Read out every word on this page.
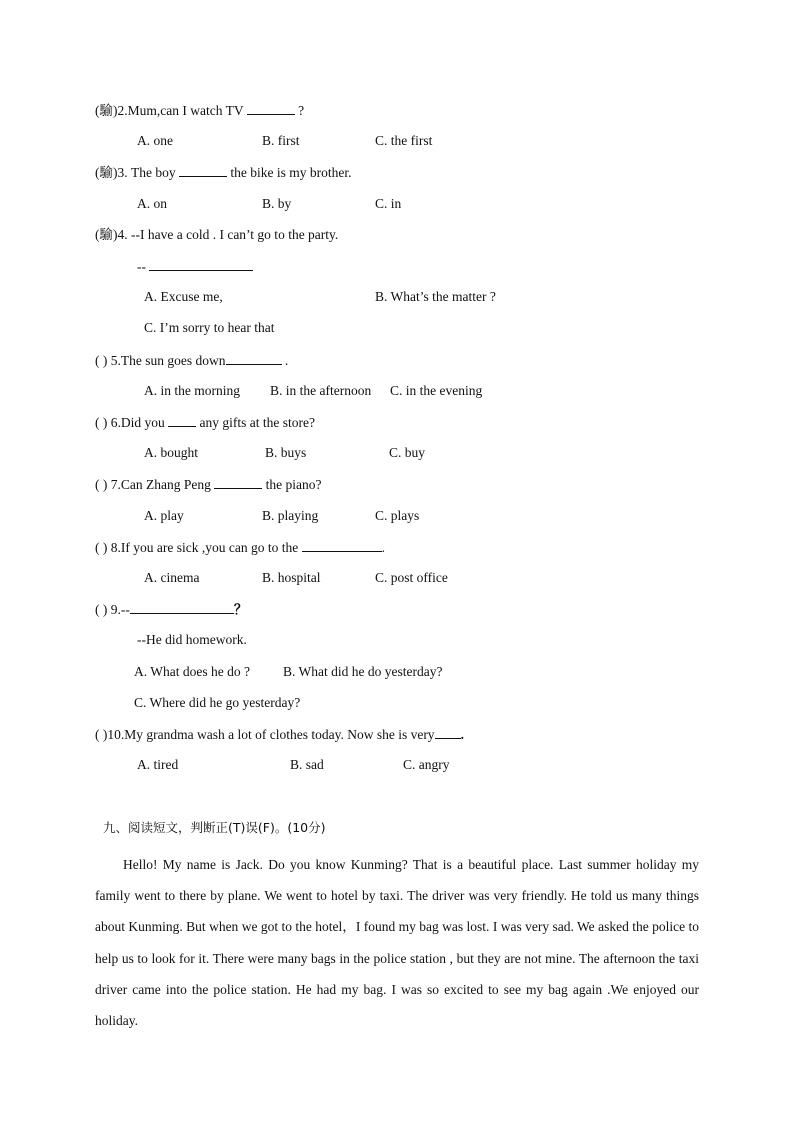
(騟)2.Mum,can I watch TV	?
A. one	B. first	C. the first
(騟)3. The boy	the bike is my brother.
A. on	B. by	C. in
(騟)4. --I have a cold . I can’t go to the party.
--
A. Excuse me,	B. What’s the matter ?
C. I’m sorry to hear that
( ) 5.The sun goes down	.
A. in the morning B. in the afternoon C. in the evening
( ) 6.Did you	any gifts at the store?
A. bought	B. buys	C. buy
( ) 7.Can Zhang Peng	the piano?
A. play	B. playing	C. plays
( ) 8.If you are sick ,you can go to the	.
A. cinema	B. hospital	C. post office
( ) 9.--	？
--He did homework.
A. What does he do ? B. What did he do yesterday?
C. Where did he go yesterday?
( )10.My grandma wash a lot of clothes today. Now she is very .
A. tired	B. sad	C. angry
九、阅读短文，判断正(T)误(F)。(10分)
Hello! My name is Jack. Do you know Kunming? That is a beautiful place. Last summer holiday my family went to there by plane. We went to hotel by taxi. The driver was very friendly. He told us many things about Kunming. But when we got to the hotel，I found my bag was lost. I was very sad. We asked the police to help us to look for it. There were many bags in the police station , but they are not mine. The afternoon the taxi driver came into the police station. He had my bag. I was so excited to see my bag again .We enjoyed our holiday.
